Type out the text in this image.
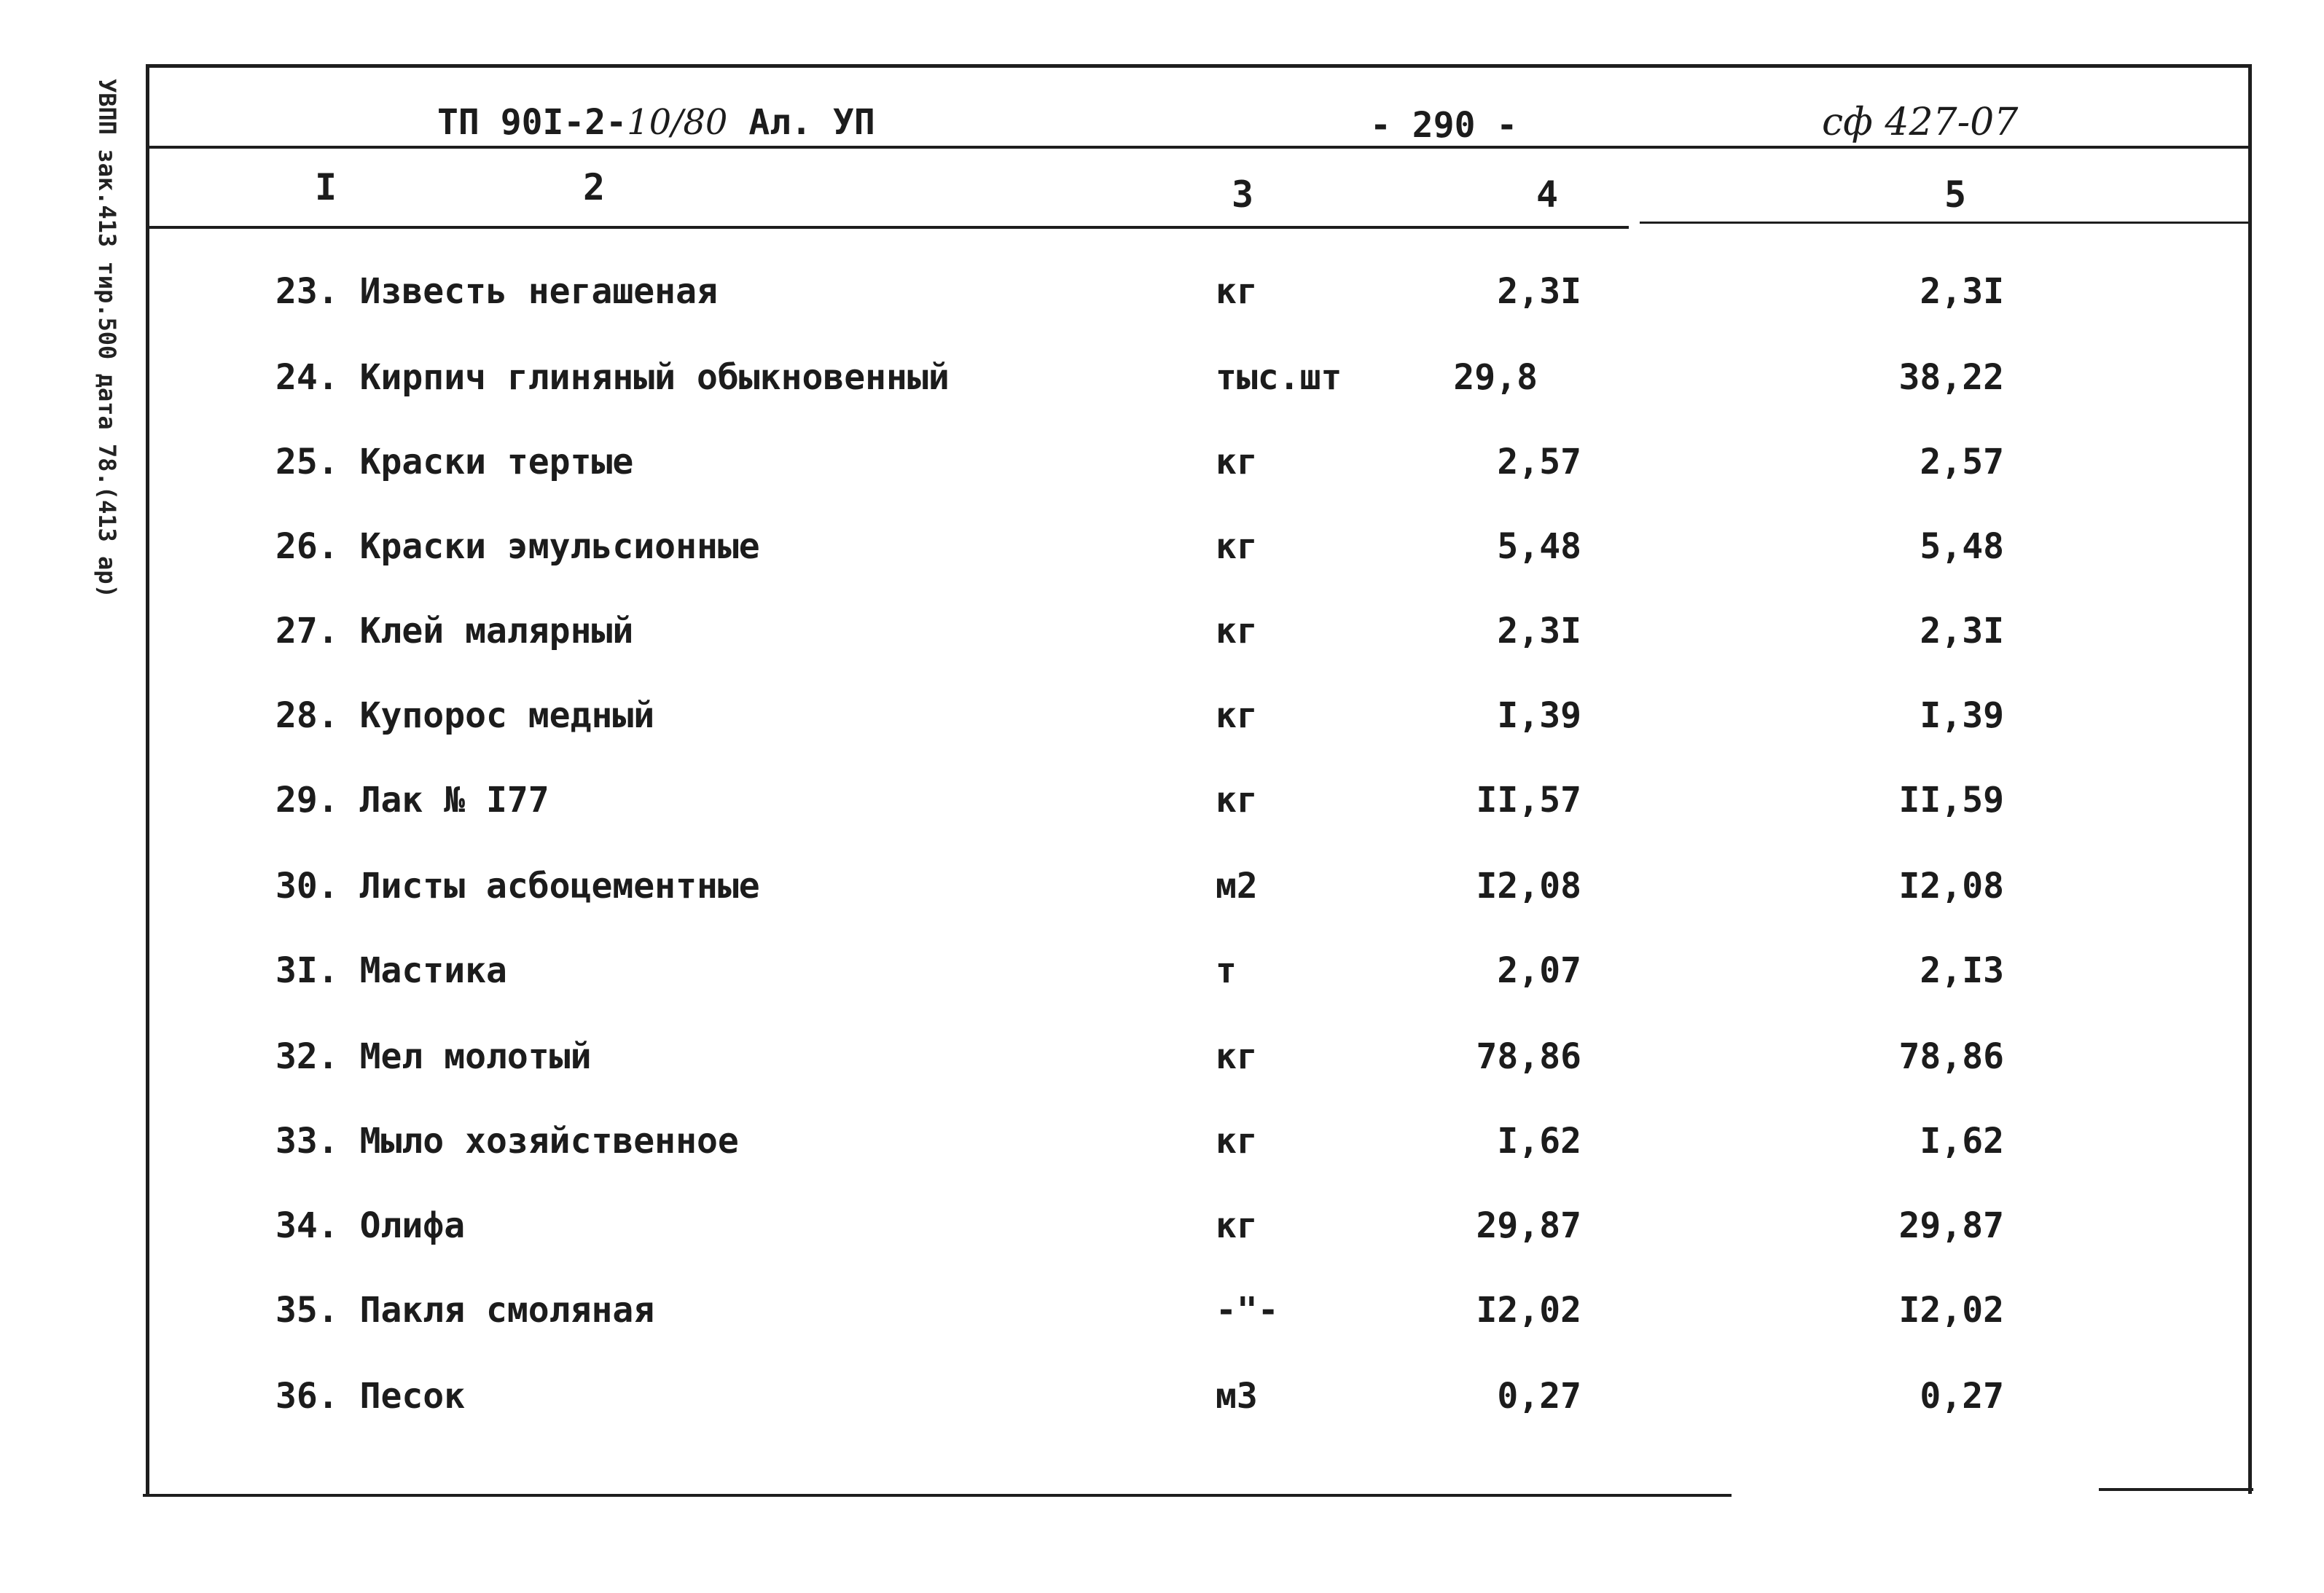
УВПП зак.413 тир.500 дата 78.(413 ар)	ТП 90I-2-10/80 Ал. УП	- 290 -	сф 427-07
I	2	3	4	5
23. Известь негашеная	кг	2,3I	2,3I
24. Кирпич глиняный обыкновенный	тыс.шт	29,8	38,22
25. Краски тертые	кг	2,57	2,57
26. Краски эмульсионные	кг	5,48	5,48
27. Клей малярный	кг	2,3I	2,3I
28. Купорос медный	кг	I,39	I,39
29. Лак № I77	кг	II,57	II,59
30. Листы асбоцементные	м2	I2,08	I2,08
3I. Мастика	т	2,07	2,I3
32. Мел молотый	кг	78,86	78,86
33. Мыло хозяйственное	кг	I,62	I,62
34. Олифа	кг	29,87	29,87
35. Пакля смоляная	-"-	I2,02	I2,02
36. Песок	м3	0,27	0,27
